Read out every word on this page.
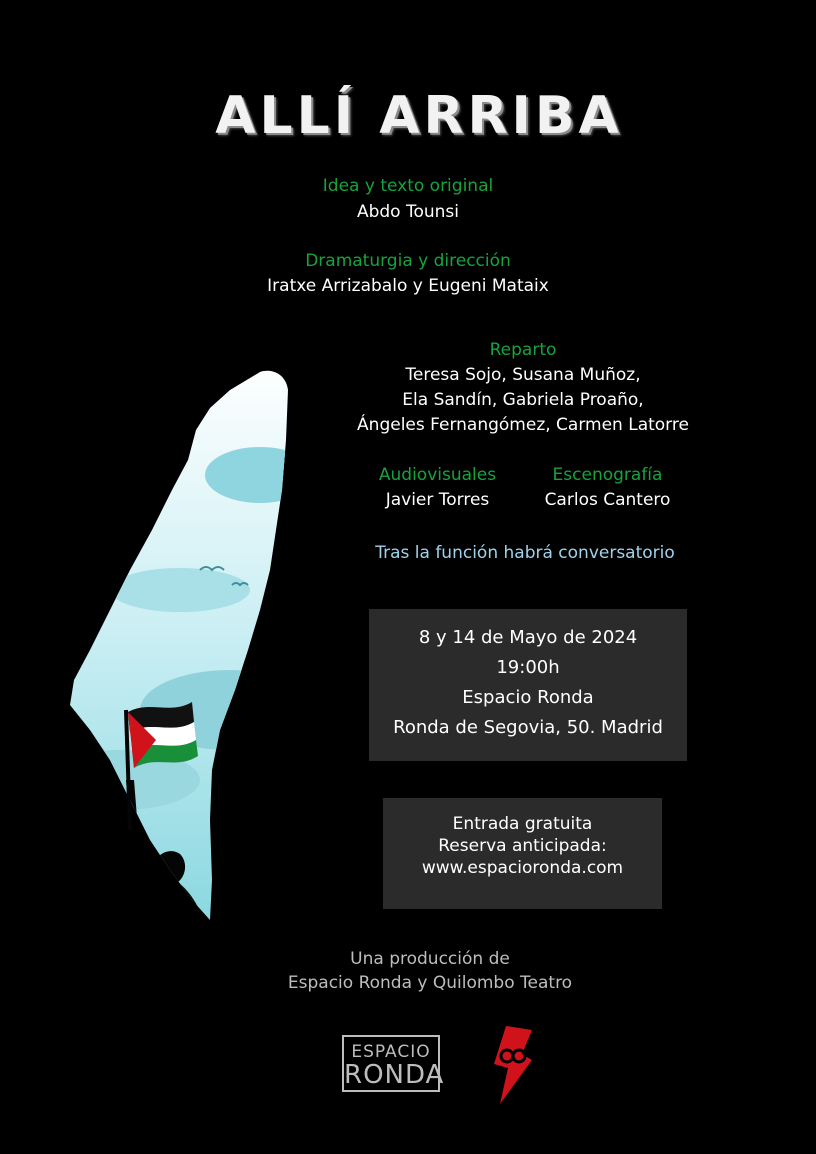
ALLÍ ARRIBA
Idea y texto original
Abdo Tounsi
Dramaturgia y dirección
Iratxe Arrizabalo y Eugeni Mataix
Reparto
Teresa Sojo, Susana Muñoz,
Ela Sandín, Gabriela Proaño,
Ángeles Fernangómez, Carmen Latorre
Audiovisuales
Javier Torres
Escenografía
Carlos Cantero
Tras la función habrá conversatorio
8 y 14 de Mayo de 2024
19:00h
Espacio Ronda
Ronda de Segovia, 50. Madrid
Entrada gratuita
Reserva anticipada:
www.espacioronda.com
Una producción de
Espacio Ronda y Quilombo Teatro
ESPACIO
RONDA
